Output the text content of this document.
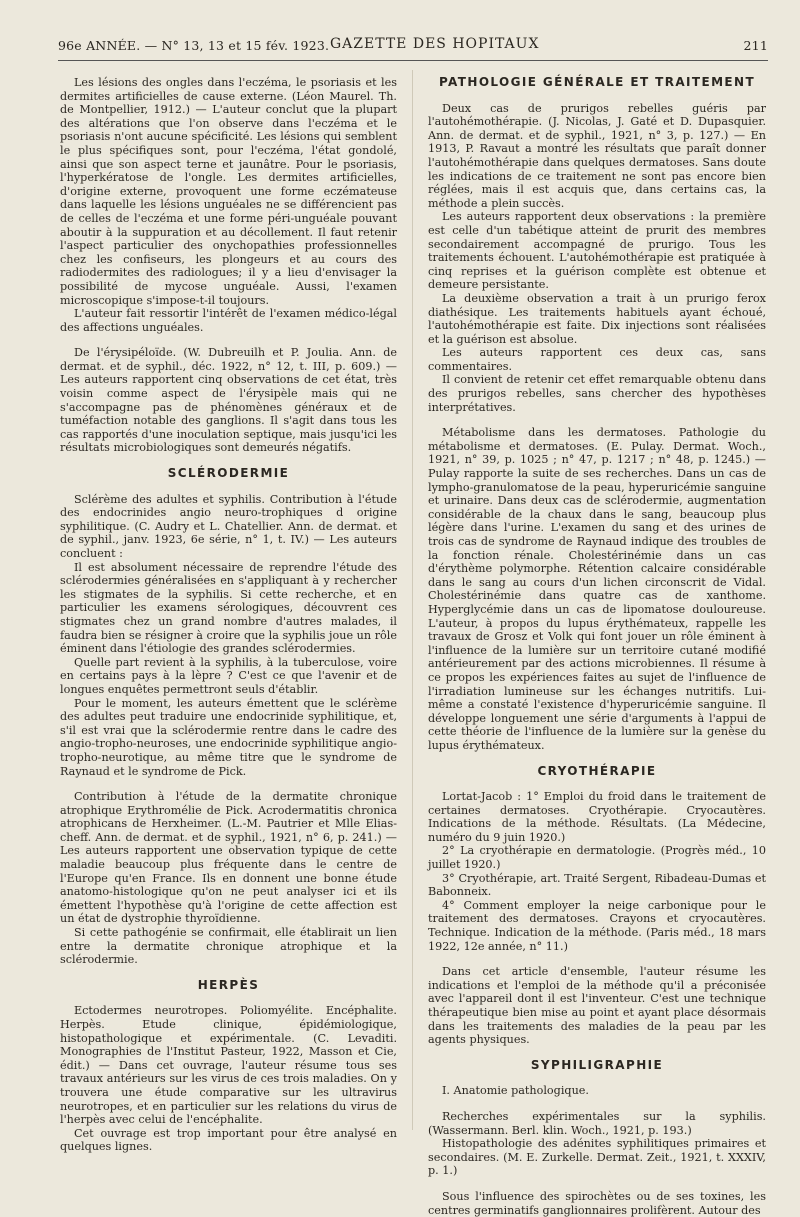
96e ANNÉE. — N° 13, 13 et 15 fév. 1923. GAZETTE DES HOPITAUX	211

Les lésions des ongles dans l'eczéma, le psoriasis et les dermites artificielles de cause externe. (Léon Maurel. Th. de Montpellier, 1912.) — L'auteur conclut que la plupart des altérations que l'on observe dans l'eczéma et le psoriasis n'ont aucune spécificité. Les lésions qui semblent le plus spécifiques sont, pour l'eczéma, l'état gondolé, ainsi que son aspect terne et jaunâtre. Pour le psoriasis, l'hyperkératose de l'ongle. Les dermites artificielles, d'origine externe, provoquent une forme eczémateuse dans laquelle les lésions unguéales ne se différencient pas de celles de l'eczéma et une forme péri-unguéale pouvant aboutir à la suppuration et au décollement. Il faut retenir l'aspect particulier des onychopathies professionnelles chez les confiseurs, les plongeurs et au cours des radiodermites des radiologues; il y a lieu d'envisager la possibilité de mycose unguéale. Aussi, l'examen microscopique s'impose-t-il toujours.

L'auteur fait ressortir l'intérêt de l'examen médico-légal des affections unguéales.

De l'érysipéloïde. (W. Dubreuilh et P. Joulia. Ann. de dermat. et de syphil., déc. 1922, n° 12, t. III, p. 609.) — Les auteurs rapportent cinq observations de cet état, très voisin comme aspect de l'érysipèle mais qui ne s'accompagne pas de phénomènes généraux et de tuméfaction notable des ganglions. Il s'agit dans tous les cas rapportés d'une inoculation septique, mais jusqu'ici les résultats microbiologiques sont demeurés négatifs.

SCLÉRODERMIE

Sclérème des adultes et syphilis. Contribution à l'étude des endocrinides angio neuro-trophiques d origine syphilitique. (C. Audry et L. Chatellier. Ann. de dermat. et de syphil., janv. 1923, 6e série, n° 1, t. IV.) — Les auteurs concluent :

Il est absolument nécessaire de reprendre l'étude des sclérodermies généralisées en s'appliquant à y rechercher les stigmates de la syphilis. Si cette recherche, et en particulier les examens sérologiques, découvrent ces stigmates chez un grand nombre d'autres malades, il faudra bien se résigner à croire que la syphilis joue un rôle éminent dans l'étiologie des grandes sclérodermies.

Quelle part revient à la syphilis, à la tuberculose, voire en certains pays à la lèpre ? C'est ce que l'avenir et de longues enquêtes permettront seuls d'établir.

Pour le moment, les auteurs émettent que le sclérème des adultes peut traduire une endocrinide syphilitique, et, s'il est vrai que la sclérodermie rentre dans le cadre des angio-tropho-neuroses, une endocrinide syphilitique angio-tropho-neurotique, au même titre que le syndrome de Raynaud et le syndrome de Pick.

Contribution à l'étude de la dermatite chronique atrophique Erythromélie de Pick. Acrodermatitis chronica atrophicans de Herxheimer. (L.-M. Pautrier et Mlle Elias-cheff. Ann. de dermat. et de syphil., 1921, n° 6, p. 241.) — Les auteurs rapportent une observation typique de cette maladie beaucoup plus fréquente dans le centre de l'Europe qu'en France. Ils en donnent une bonne étude anatomo-histologique qu'on ne peut analyser ici et ils émettent l'hypothèse qu'à l'origine de cette affection est un état de dystrophie thyroïdienne.

Si cette pathogénie se confirmait, elle établirait un lien entre la dermatite chronique atrophique et la sclérodermie.

HERPÈS

Ectodermes neurotropes. Poliomyélite. Encéphalite. Herpès. Etude clinique, épidémiologique, histopathologique et expérimentale. (C. Levaditi. Monographies de l'Institut Pasteur, 1922, Masson et Cie, édit.) — Dans cet ouvrage, l'auteur résume tous ses travaux antérieurs sur les virus de ces trois maladies. On y trouvera une étude comparative sur les ultravirus neurotropes, et en particulier sur les relations du virus de l'herpès avec celui de l'encéphalite.

Cet ouvrage est trop important pour être analysé en quelques lignes.

PATHOLOGIE GÉNÉRALE ET TRAITEMENT

Deux cas de prurigos rebelles guéris par l'autohémothérapie. (J. Nicolas, J. Gaté et D. Dupasquier. Ann. de dermat. et de syphil., 1921, n° 3, p. 127.) — En 1913, P. Ravaut a montré les résultats que paraît donner l'autohémothérapie dans quelques dermatoses. Sans doute les indications de ce traitement ne sont pas encore bien réglées, mais il est acquis que, dans certains cas, la méthode a plein succès.

Les auteurs rapportent deux observations : la première est celle d'un tabétique atteint de prurit des membres secondairement accompagné de prurigo. Tous les traitements échouent. L'autohémothérapie est pratiquée à cinq reprises et la guérison complète est obtenue et demeure persistante.

La deuxième observation a trait à un prurigo ferox diathésique. Les traitements habituels ayant échoué, l'autohémothérapie est faite. Dix injections sont réalisées et la guérison est absolue.

Les auteurs rapportent ces deux cas, sans commentaires.

Il convient de retenir cet effet remarquable obtenu dans des prurigos rebelles, sans chercher des hypothèses interprétatives.

Métabolisme dans les dermatoses. Pathologie du métabolisme et dermatoses. (E. Pulay. Dermat. Woch., 1921, n° 39, p. 1025 ; n° 47, p. 1217 ; n° 48, p. 1245.) — Pulay rapporte la suite de ses recherches. Dans un cas de lympho-granulomatose de la peau, hyperuricémie sanguine et urinaire. Dans deux cas de sclérodermie, augmentation considérable de la chaux dans le sang, beaucoup plus légère dans l'urine. L'examen du sang et des urines de trois cas de syndrome de Raynaud indique des troubles de la fonction rénale. Cholestérinémie dans un cas d'érythème polymorphe. Rétention calcaire considérable dans le sang au cours d'un lichen circonscrit de Vidal. Cholestérinémie dans quatre cas de xanthome. Hyperglycémie dans un cas de lipomatose douloureuse. L'auteur, à propos du lupus érythémateux, rappelle les travaux de Grosz et Volk qui font jouer un rôle éminent à l'influence de la lumière sur un territoire cutané modifié antérieurement par des actions microbiennes. Il résume à ce propos les expériences faites au sujet de l'influence de l'irradiation lumineuse sur les échanges nutritifs. Lui-même a constaté l'existence d'hyperuricémie sanguine. Il développe longuement une série d'arguments à l'appui de cette théorie de l'influence de la lumière sur la genèse du lupus érythémateux.

CRYOTHÉRAPIE

Lortat-Jacob : 1° Emploi du froid dans le traitement de certaines dermatoses. Cryothérapie. Cryocautères. Indications de la méthode. Résultats. (La Médecine, numéro du 9 juin 1920.)

2° La cryothérapie en dermatologie. (Progrès méd., 10 juillet 1920.)

3° Cryothérapie, art. Traité Sergent, Ribadeau-Dumas et Babonneix.

4° Comment employer la neige carbonique pour le traitement des dermatoses. Crayons et cryocautères. Technique. Indication de la méthode. (Paris méd., 18 mars 1922, 12e année, n° 11.)

Dans cet article d'ensemble, l'auteur résume les indications et l'emploi de la méthode qu'il a préconisée avec l'appareil dont il est l'inventeur. C'est une technique thérapeutique bien mise au point et ayant place désormais dans les traitements des maladies de la peau par les agents physiques.

SYPHILIGRAPHIE

I. Anatomie pathologique.

Recherches expérimentales sur la syphilis. (Wassermann. Berl. klin. Woch., 1921, p. 193.)

Histopathologie des adénites syphilitiques primaires et secondaires. (M. E. Zurkelle. Dermat. Zeit., 1921, t. XXXIV, p. 1.)

Sous l'influence des spirochètes ou de ses toxines, les centres germinatifs ganglionnaires prolifèrent. Autour des
